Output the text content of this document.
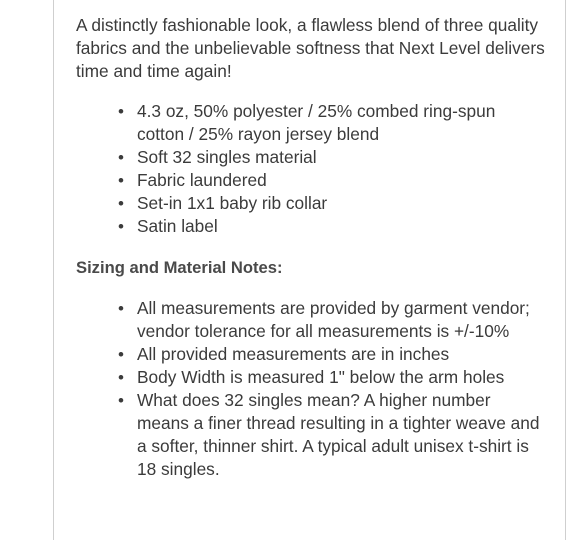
A distinctly fashionable look, a flawless blend of three quality fabrics and the unbelievable softness that Next Level delivers time and time again!

• 4.3 oz, 50% polyester / 25% combed ring-spun cotton / 25% rayon jersey blend
• Soft 32 singles material
• Fabric laundered
• Set-in 1x1 baby rib collar
• Satin label
Sizing and Material Notes:
• All measurements are provided by garment vendor; vendor tolerance for all measurements is +/-10%
• All provided measurements are in inches
• Body Width is measured 1" below the arm holes
• What does 32 singles mean? A higher number means a finer thread resulting in a tighter weave and a softer, thinner shirt. A typical adult unisex t-shirt is 18 singles.
